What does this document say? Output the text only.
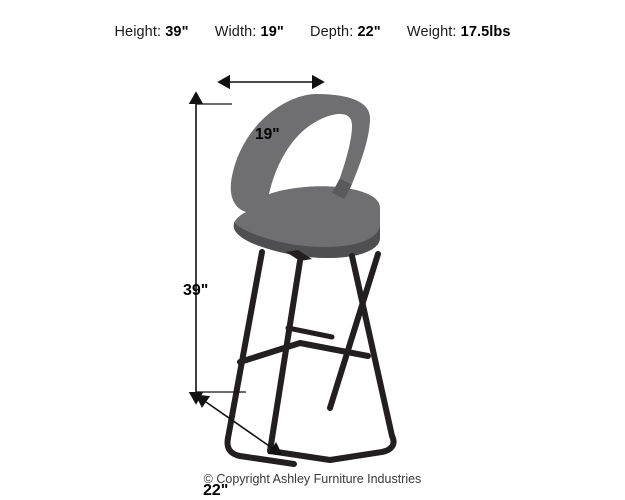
Height: 39" Width: 19" Depth: 22" Weight: 17.5lbs
19"
39"
22"
© Copyright Ashley Furniture Industries
